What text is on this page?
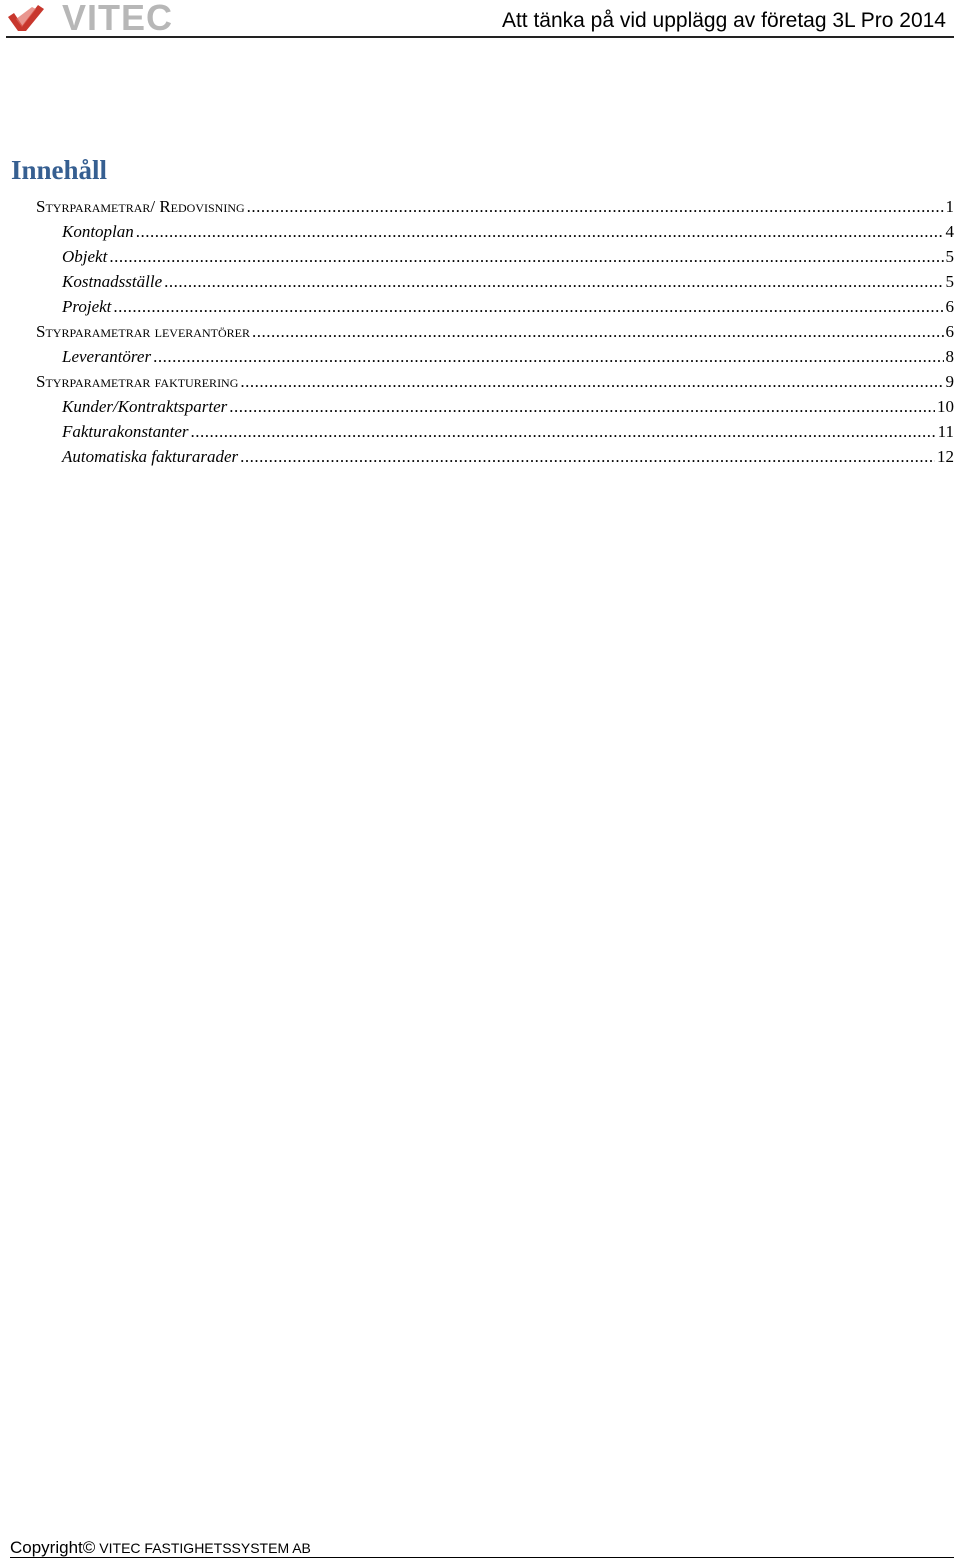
VITEC	Att tänka på vid upplägg av företag 3L Pro 2014
Innehåll
Styrparametrar/ Redovisning .....	1
Kontoplan .....	4
Objekt .....	5
Kostnadsställe .....	5
Projekt .....	6
Styrparametrar leverantörer .....	6
Leverantörer .....	8
Styrparametrar fakturering .....	9
Kunder/Kontraktsparter .....	10
Fakturakonstanter .....	11
Automatiska fakturarader .....	12
Copyright© VITEC FASTIGHETSSYSTEM AB
